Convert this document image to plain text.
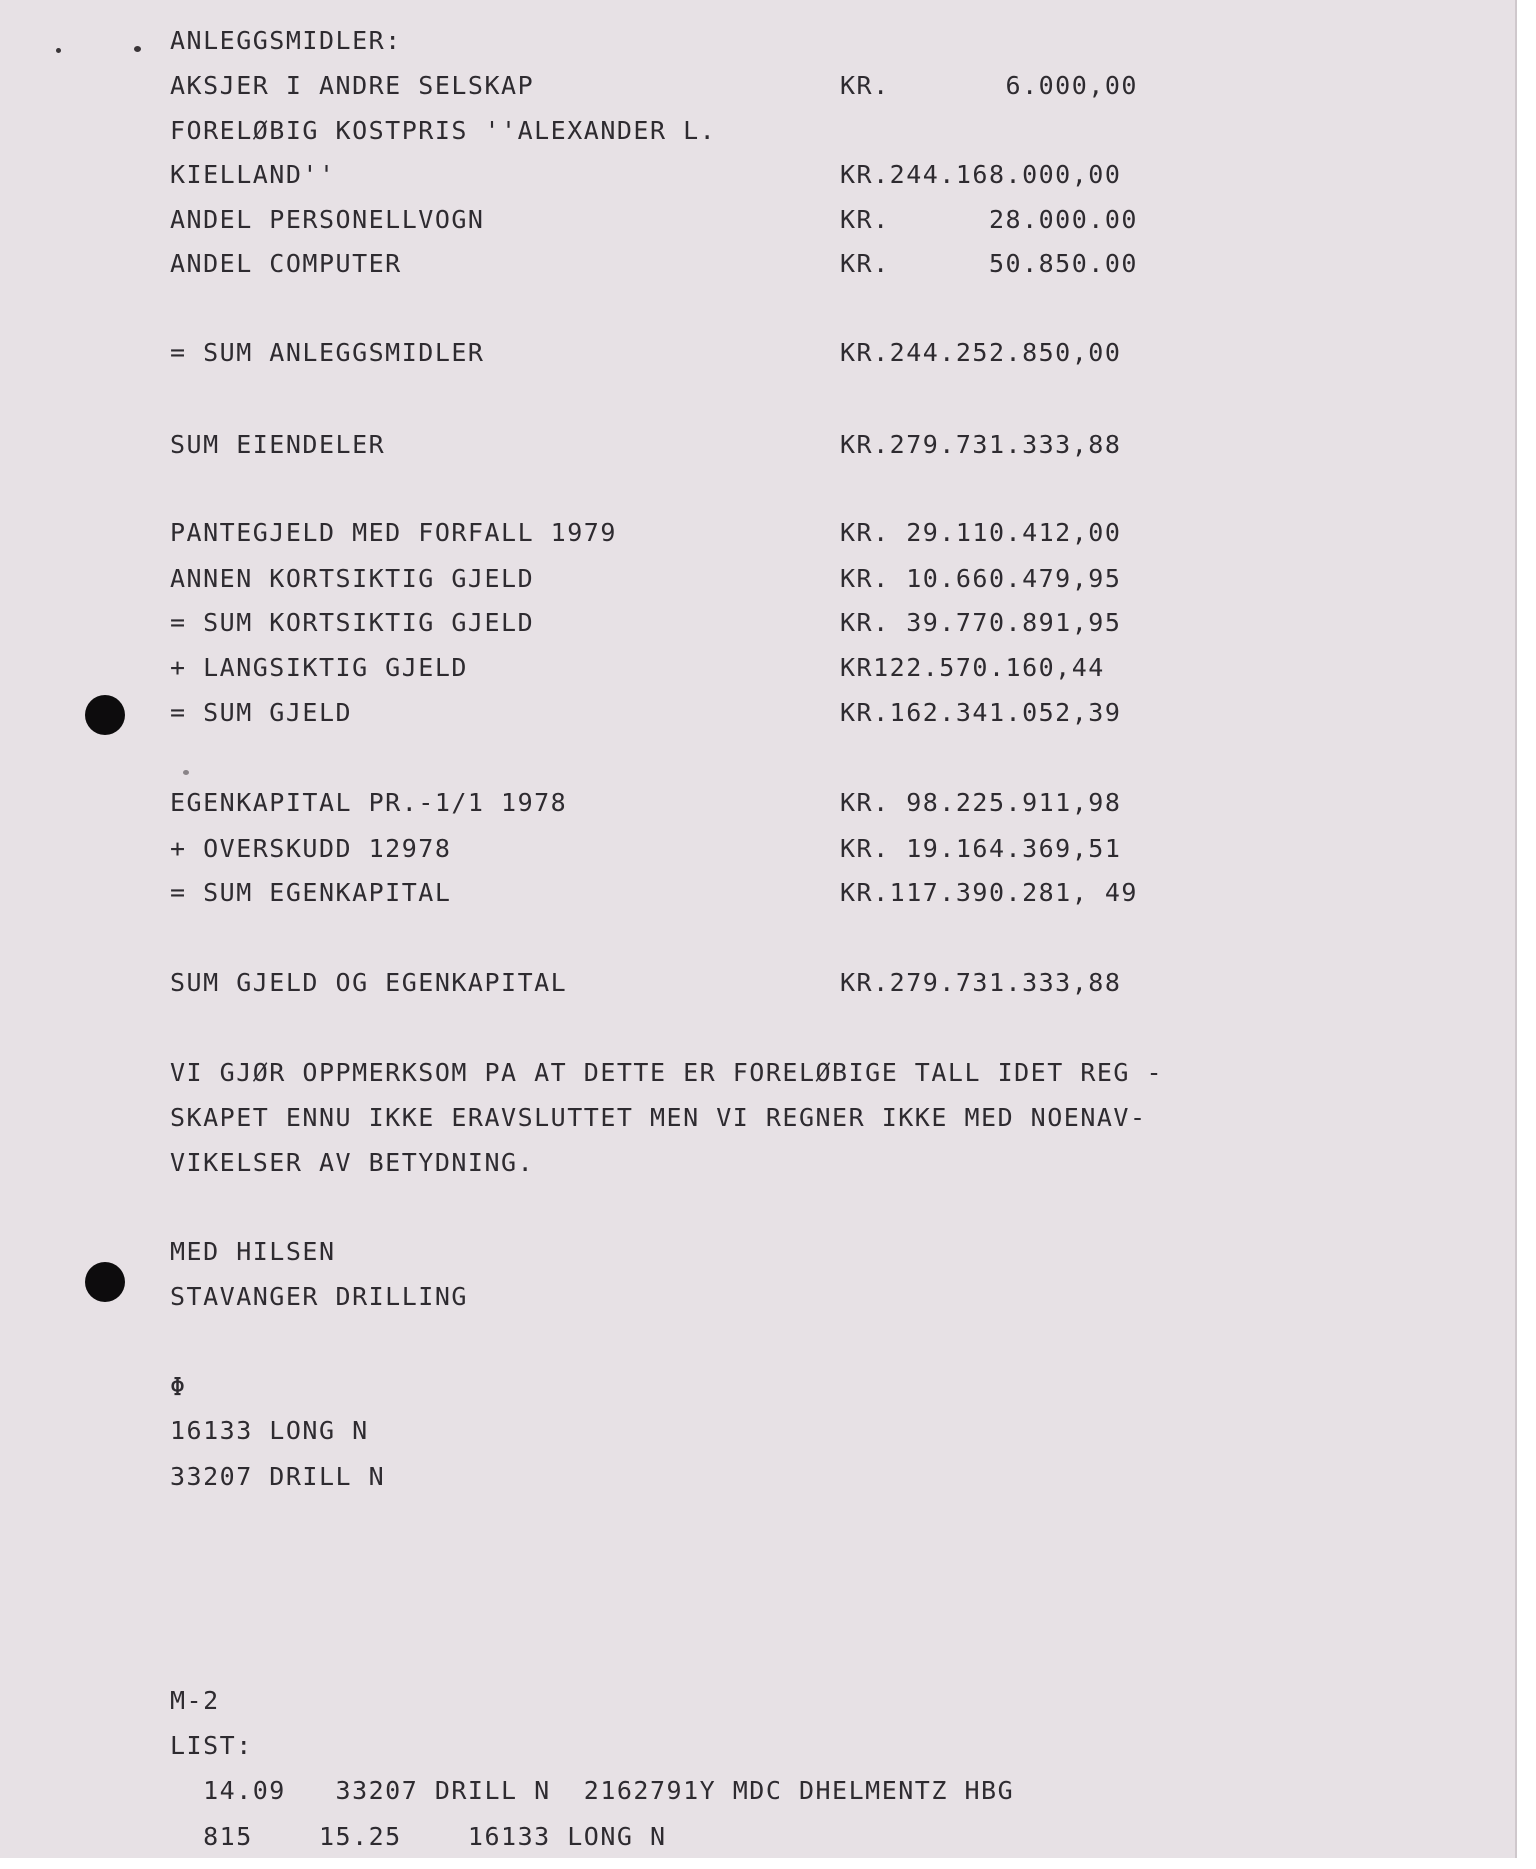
ANLEGGSMIDLER:
AKSJER I ANDRE SELSKAP	KR.       6.000,00
FORELØBIG KOSTPRIS ''ALEXANDER L.
KIELLAND''	KR.244.168.000,00
ANDEL PERSONELLVOGN	KR.      28.000.00
ANDEL COMPUTER	KR.      50.850.00
= SUM ANLEGGSMIDLER	KR.244.252.850,00
SUM EIENDELER	KR.279.731.333,88
PANTEGJELD MED FORFALL 1979	KR. 29.110.412,00
ANNEN KORTSIKTIG GJELD	KR. 10.660.479,95
= SUM KORTSIKTIG GJELD	KR. 39.770.891,95
+ LANGSIKTIG GJELD	KR122.570.160,44
= SUM GJELD	KR.162.341.052,39
EGENKAPITAL PR.-1/1 1978	KR. 98.225.911,98
+ OVERSKUDD 12978	KR. 19.164.369,51
= SUM EGENKAPITAL	KR.117.390.281, 49
SUM GJELD OG EGENKAPITAL	KR.279.731.333,88
VI GJØR OPPMERKSOM PA AT DETTE ER FORELØBIGE TALL IDET REG -
SKAPET ENNU IKKE ERAVSLUTTET MEN VI REGNER IKKE MED NOENAV-
VIKELSER AV BETYDNING.
MED HILSEN
STAVANGER DRILLING
Φ
16133 LONG N
33207 DRILL N
M-2
LIST:
14.09   33207 DRILL N  2162791Y MDC DHELMENTZ HBG
815    15.25    16133 LONG N
